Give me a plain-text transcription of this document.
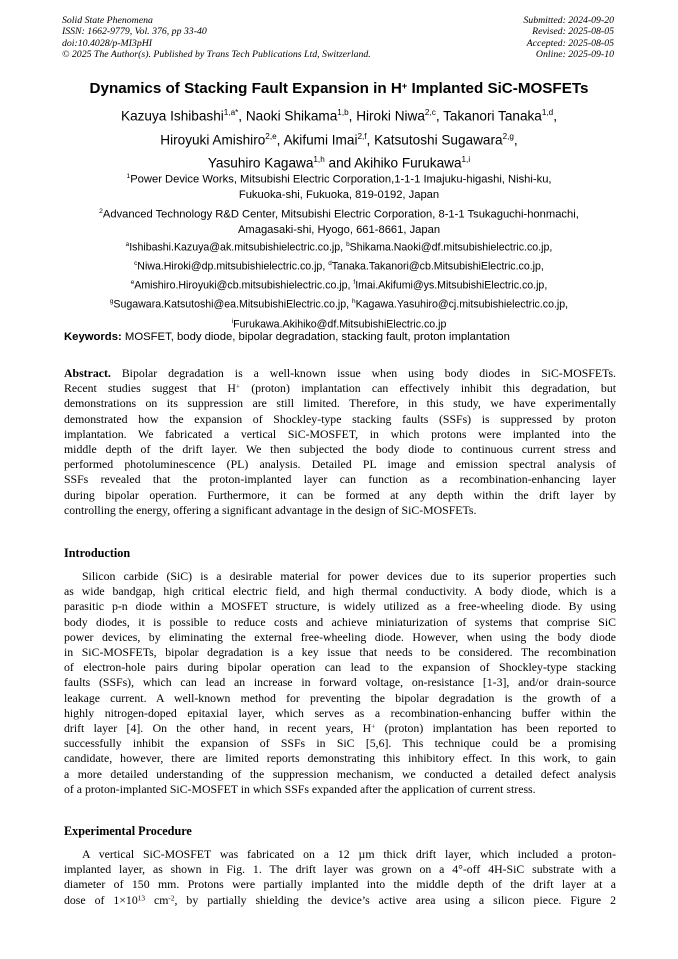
Solid State Phenomena
ISSN: 1662-9779, Vol. 376, pp 33-40
doi:10.4028/p-MI3pHI
© 2025 The Author(s). Published by Trans Tech Publications Ltd, Switzerland.
Submitted: 2024-09-20
Revised: 2025-08-05
Accepted: 2025-08-05
Online: 2025-09-10
Dynamics of Stacking Fault Expansion in H+ Implanted SiC-MOSFETs
Kazuya Ishibashi$^{1,a*}$, Naoki Shikama$^{1,b}$, Hiroki Niwa$^{2,c}$, Takanori Tanaka$^{1,d}$,
Hiroyuki Amishiro$^{2,e}$, Akifumi Imai$^{2,f}$, Katsutoshi Sugawara$^{2,g}$,
Yasuhiro Kagawa$^{1,h}$ and Akihiko Furukawa$^{1,i}$
$^1$Power Device Works, Mitsubishi Electric Corporation,1-1-1 Imajuku-higashi, Nishi-ku,
Fukuoka-shi, Fukuoka, 819-0192, Japan
$^2$Advanced Technology R&D Center, Mitsubishi Electric Corporation, 8-1-1 Tsukaguchi-honmachi,
Amagasaki-shi, Hyogo, 661-8661, Japan
$^a$Ishibashi.Kazuya@ak.mitsubishielectric.co.jp, $^b$Shikama.Naoki@df.mitsubishielectric.co.jp,
$^c$Niwa.Hiroki@dp.mitsubishielectric.co.jp, $^d$Tanaka.Takanori@cb.MitsubishiElectric.co.jp,
$^e$Amishiro.Hiroyuki@cb.mitsubishielectric.co.jp, $^f$Imai.Akifumi@ys.MitsubishiElectric.co.jp,
$^g$Sugawara.Katsutoshi@ea.MitsubishiElectric.co.jp, $^h$Kagawa.Yasuhiro@cj.mitsubishielectric.co.jp,
$^i$Furukawa.Akihiko@df.MitsubishiElectric.co.jp
Keywords: MOSFET, body diode, bipolar degradation, stacking fault, proton implantation
Abstract. Bipolar degradation is a well-known issue when using body diodes in SiC-MOSFETs.
Recent studies suggest that H+ (proton) implantation can effectively inhibit this degradation, but
demonstrations on its suppression are still limited. Therefore, in this study, we have experimentally
demonstrated how the expansion of Shockley-type stacking faults (SSFs) is suppressed by proton
implantation. We fabricated a vertical SiC-MOSFET, in which protons were implanted into the
middle depth of the drift layer. We then subjected the body diode to continuous current stress and
performed photoluminescence (PL) analysis. Detailed PL image and emission spectral analysis of
SSFs revealed that the proton-implanted layer can function as a recombination-enhancing layer
during bipolar operation. Furthermore, it can be formed at any depth within the drift layer by
controlling the energy, offering a significant advantage in the design of SiC-MOSFETs.
Introduction
Silicon carbide (SiC) is a desirable material for power devices due to its superior properties such
as wide bandgap, high critical electric field, and high thermal conductivity. A body diode, which is a
parasitic p-n diode within a MOSFET structure, is widely utilized as a free-wheeling diode. By using
body diodes, it is possible to reduce costs and achieve miniaturization of systems that comprise SiC
power devices, by eliminating the external free-wheeling diode. However, when using the body diode
in SiC-MOSFETs, bipolar degradation is a key issue that needs to be considered. The recombination
of electron-hole pairs during bipolar operation can lead to the expansion of Shockley-type stacking
faults (SSFs), which can lead an increase in forward voltage, on-resistance [1-3], and/or drain-source
leakage current. A well-known method for preventing the bipolar degradation is the growth of a
highly nitrogen-doped epitaxial layer, which serves as a recombination-enhancing buffer within the
drift layer [4]. On the other hand, in recent years, H+ (proton) implantation has been reported to
successfully inhibit the expansion of SSFs in SiC [5,6]. This technique could be a promising
candidate, however, there are limited reports demonstrating this inhibitory effect. In this work, to gain
a more detailed understanding of the suppression mechanism, we conducted a detailed defect analysis
of a proton-implanted SiC-MOSFET in which SSFs expanded after the application of current stress.
Experimental Procedure
A vertical SiC-MOSFET was fabricated on a 12 µm thick drift layer, which included a proton-
implanted layer, as shown in Fig. 1. The drift layer was grown on a 4°-off 4H-SiC substrate with a
diameter of 150 mm. Protons were partially implanted into the middle depth of the drift layer at a
dose of $1\times 10^{13}$ $cm^{-2}$, by partially shielding the device’s active area using a silicon piece. Figure 2
